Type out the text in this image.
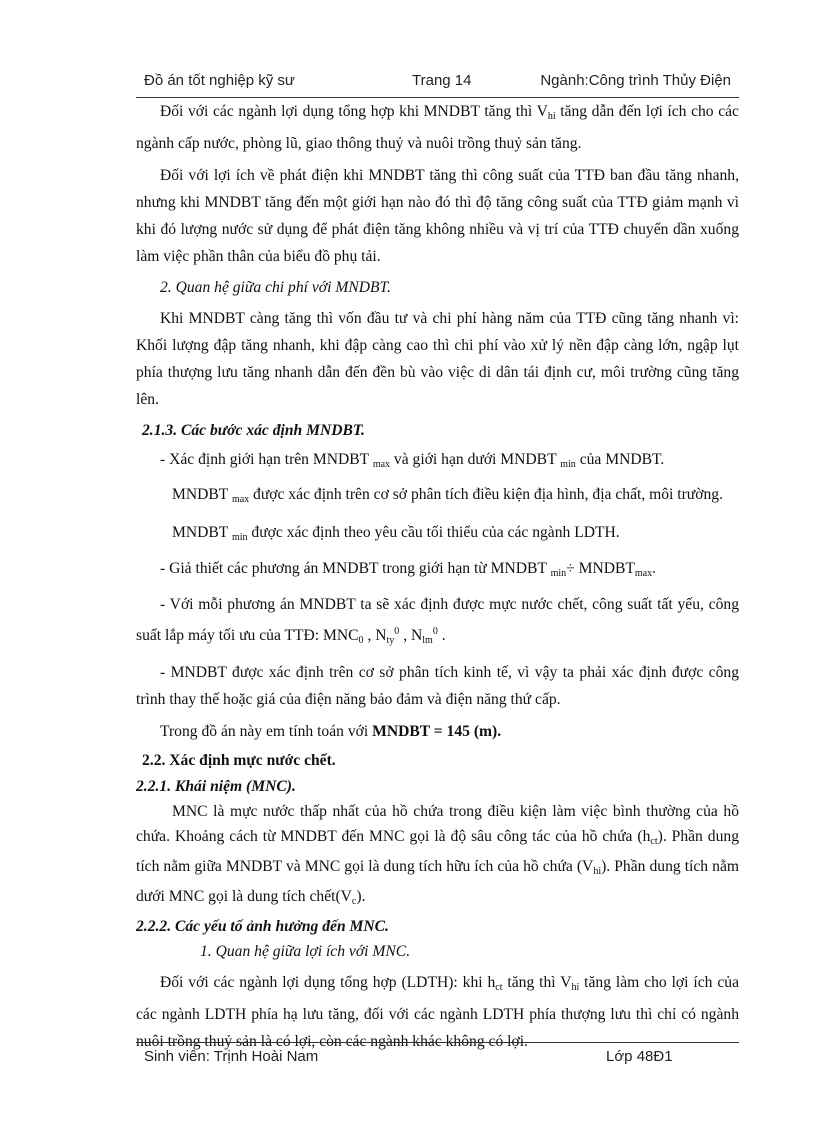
Đồ án tốt nghiệp kỹ sư	Trang 14	Ngành:Công trình Thủy Điện

Đối với các ngành lợi dụng tổng hợp khi MNDBT tăng thì $V_{hi}$ tăng dẫn đến lợi ích cho các ngành cấp nước, phòng lũ, giao thông thuỷ và nuôi trồng thuỷ sản tăng.

Đối với lợi ích về phát điện khi MNDBT tăng thì công suất của TTĐ ban đầu tăng nhanh, nhưng khi MNDBT tăng đến một giới hạn nào đó thì độ tăng công suất của TTĐ giảm mạnh vì khi đó lượng nước sử dụng để phát điện tăng không nhiều và vị trí của TTĐ chuyển dần xuống làm việc phần thân của biểu đồ phụ tải.

2. Quan hệ giữa chi phí với MNDBT.

Khi MNDBT càng tăng thì vốn đầu tư và chi phí hàng năm của TTĐ cũng tăng nhanh vì: Khối lượng đập tăng nhanh, khi đập càng cao thì chi phí vào xử lý nền đập càng lớn, ngập lụt phía thượng lưu tăng nhanh dẫn đến đền bù vào việc di dân tái định cư, môi trường cũng tăng lên.

2.1.3. Các bước xác định MNDBT.

- Xác định giới hạn trên MNDBT $_{max}$ và giới hạn dưới MNDBT $_{min}$ của MNDBT.

MNDBT $_{max}$ được xác định trên cơ sở phân tích điều kiện địa hình, địa chất, môi trường.

MNDBT $_{min}$ được xác định theo yêu cầu tối thiểu của các ngành LDTH.

- Giả thiết các phương án MNDBT trong giới hạn từ MNDBT $_{min}\div MNDBT_{max}$.

- Với mỗi phương án MNDBT ta sẽ xác định được mực nước chết, công suất tất yếu, công suất lắp máy tối ưu của TTĐ: $MNC_0$ , $N_{ty}^0$ , $N_{lm}^0$ .

- MNDBT được xác định trên cơ sở phân tích kinh tế, vì vậy ta phải xác định được công trình thay thế hoặc giá của điện năng bảo đảm và điện năng thứ cấp.

Trong đồ án này em tính toán với MNDBT = 145 (m).

2.2. Xác định mực nước chết.

2.2.1. Khái niệm (MNC).

MNC là mực nước thấp nhất của hồ chứa trong điều kiện làm việc bình thường của hồ chứa. Khoảng cách từ MNDBT đến MNC gọi là độ sâu công tác của hồ chứa $(h_{ct})$. Phần dung tích nằm giữa MNDBT và MNC gọi là dung tích hữu ích của hồ chứa $(V_{hi})$. Phần dung tích nằm dưới MNC gọi là dung tích $chết(V_c)$.

2.2.2. Các yếu tố ảnh hưởng đến MNC.

1. Quan hệ giữa lợi ích với MNC.

Đối với các ngành lợi dụng tổng hợp (LDTH): khi $h_{ct}$ tăng thì $V_{hi}$ tăng làm cho lợi ích của các ngành LDTH phía hạ lưu tăng, đối với các ngành LDTH phía thượng lưu thì chỉ có ngành nuôi trồng thuỷ sản là có lợi, còn các ngành khác không có lợi.

Sinh viên: Trịnh Hoài Nam	Lớp 48Đ1
